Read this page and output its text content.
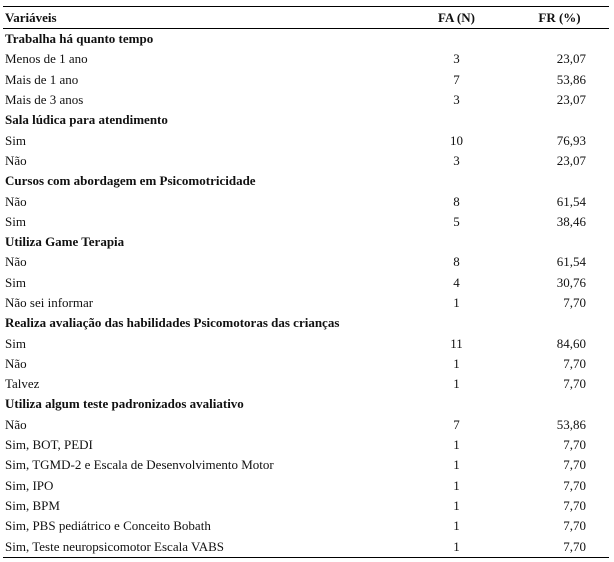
Variáveis	FA (N)	FR (%)
Trabalha há quanto tempo		
Menos de 1 ano	3	23,07
Mais de 1 ano	7	53,86
Mais de 3 anos	3	23,07
Sala lúdica para atendimento		
Sim	10	76,93
Não	3	23,07
Cursos com abordagem em Psicomotricidade		
Não	8	61,54
Sim	5	38,46
Utiliza Game Terapia		
Não	8	61,54
Sim	4	30,76
Não sei informar	1	7,70
Realiza avaliação das habilidades Psicomotoras das crianças		
Sim	11	84,60
Não	1	7,70
Talvez	1	7,70
Utiliza algum teste padronizados avaliativo		
Não	7	53,86
Sim, BOT, PEDI	1	7,70
Sim, TGMD-2 e Escala de Desenvolvimento Motor	1	7,70
Sim, IPO	1	7,70
Sim, BPM	1	7,70
Sim, PBS pediátrico e Conceito Bobath	1	7,70
Sim, Teste neuropsicomotor Escala VABS	1	7,70
